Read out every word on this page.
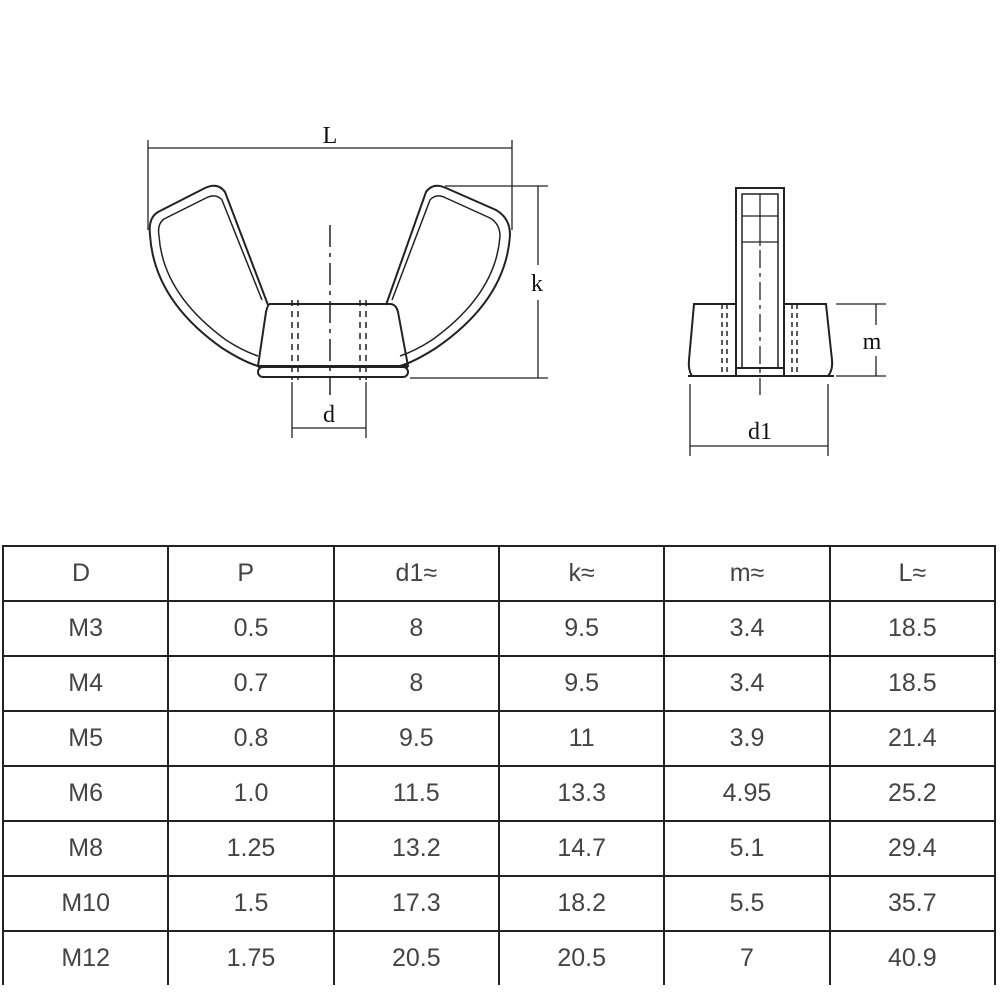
L
k
d
m
d1
D	P	d1≈	k≈	m≈	L≈
M3	0.5	8	9.5	3.4	18.5
M4	0.7	8	9.5	3.4	18.5
M5	0.8	9.5	11	3.9	21.4
M6	1.0	11.5	13.3	4.95	25.2
M8	1.25	13.2	14.7	5.1	29.4
M10	1.5	17.3	18.2	5.5	35.7
M12	1.75	20.5	20.5	7	40.9
